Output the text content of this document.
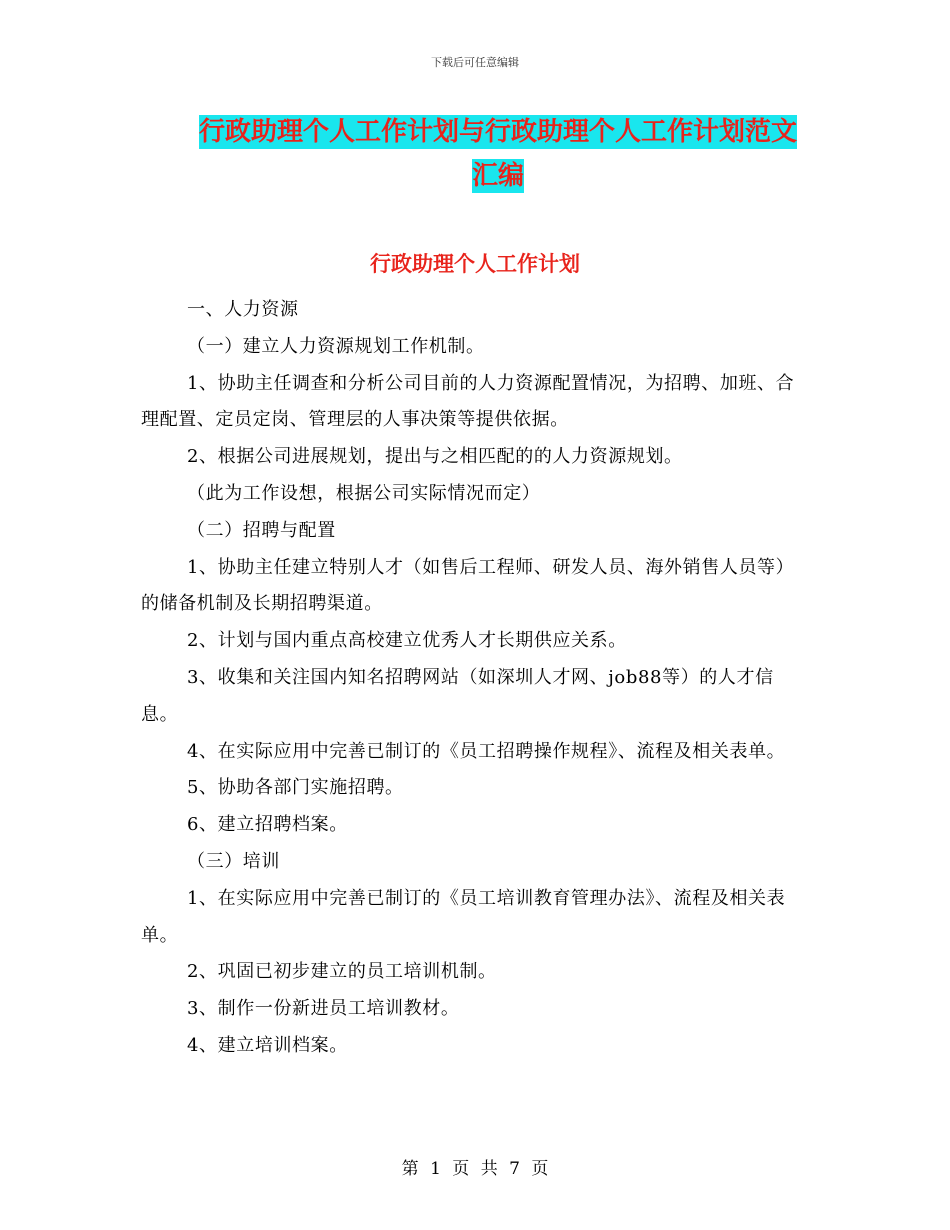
下载后可任意编辑
行政助理个人工作计划与行政助理个人工作计划范文
汇编
行政助理个人工作计划

一、人力资源

（一）建立人力资源规划工作机制。

1、协助主任调查和分析公司目前的人力资源配置情况，为招聘、加班、合理配置、定员定岗、管理层的人事决策等提供依据。

2、根据公司进展规划，提出与之相匹配的的人力资源规划。

（此为工作设想，根据公司实际情况而定）

（二）招聘与配置

1、协助主任建立特别人才（如售后工程师、研发人员、海外销售人员等）的储备机制及长期招聘渠道。

2、计划与国内重点高校建立优秀人才长期供应关系。

3、收集和关注国内知名招聘网站（如深圳人才网、job88等）的人才信息。

4、在实际应用中完善已制订的《员工招聘操作规程》、流程及相关表单。

5、协助各部门实施招聘。

6、建立招聘档案。

（三）培训

1、在实际应用中完善已制订的《员工培训教育管理办法》、流程及相关表单。

2、巩固已初步建立的员工培训机制。

3、制作一份新进员工培训教材。

4、建立培训档案。

第 1 页 共 7 页
